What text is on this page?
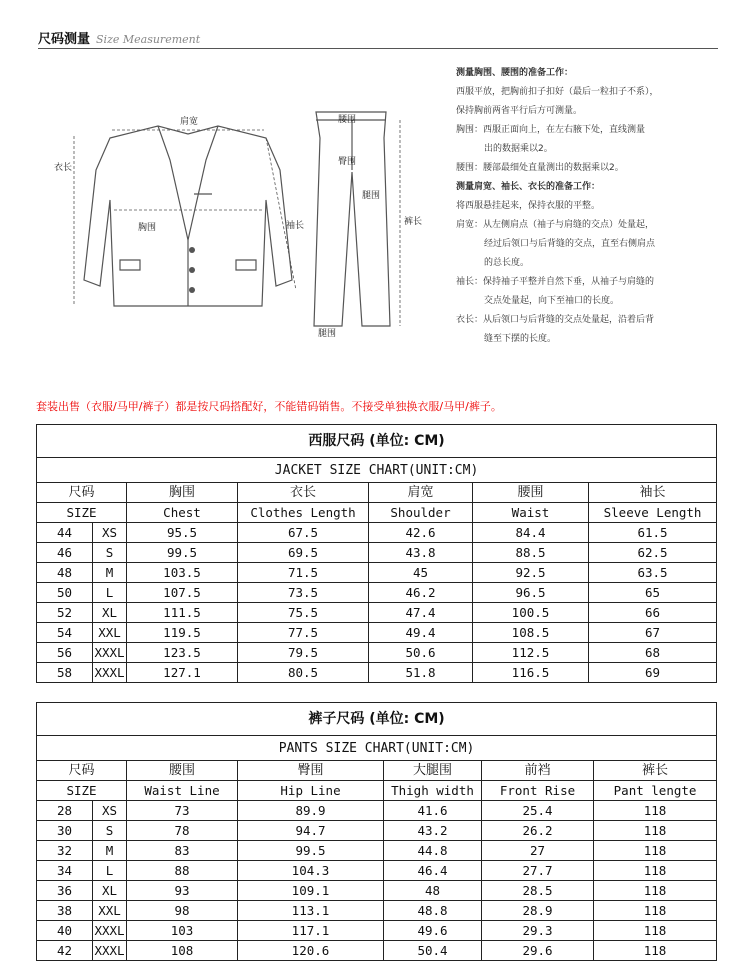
尺码测量 Size Measurement
肩宽
衣长
胸围	袖长
腰围
臀围
腿围
裤长
腿围
测量胸围、腰围的准备工作：
西服平放，把胸前扣子扣好（最后一粒扣子不系），
保持胸前两省平行后方可测量。
胸围：西服正面向上，在左右腋下处，直线测量
出的数据乘以2。
腰围：腰部最细处直量测出的数据乘以2。
测量肩宽、袖长、衣长的准备工作：
将西服悬挂起来，保持衣服的平整。
肩宽：从左侧肩点（袖子与肩缝的交点）处量起，
经过后领口与后背缝的交点，直至右侧肩点
的总长度。
袖长：保持袖子平整并自然下垂，从袖子与肩缝的
交点处量起，向下至袖口的长度。
衣长：从后领口与后背缝的交点处量起，沿着后背
缝至下摆的长度。
套装出售（衣服/马甲/裤子）都是按尺码搭配好，不能错码销售。不接受单独换衣服/马甲/裤子。
西服尺码 (单位: CM)						
JACKET SIZE CHART(UNIT:CM)						
尺码		胸围	衣长	肩宽	腰围	袖长
SIZE		Chest	Clothes Length	Shoulder	Waist	Sleeve Length
44	XS	95.5	67.5	42.6	84.4	61.5
46	S	99.5	69.5	43.8	88.5	62.5
48	M	103.5	71.5	45	92.5	63.5
50	L	107.5	73.5	46.2	96.5	65
52	XL	111.5	75.5	47.4	100.5	66
54	XXL	119.5	77.5	49.4	108.5	67
56	XXXL	123.5	79.5	50.6	112.5	68
58	XXXL	127.1	80.5	51.8	116.5	69
裤子尺码 (单位: CM)						
PANTS SIZE CHART(UNIT:CM)						
尺码		腰围	臀围	大腿围	前裆	裤长
SIZE		Waist Line	Hip Line	Thigh width	Front Rise	Pant lengte
28	XS	73	89.9	41.6	25.4	118
30	S	78	94.7	43.2	26.2	118
32	M	83	99.5	44.8	27	118
34	L	88	104.3	46.4	27.7	118
36	XL	93	109.1	48	28.5	118
38	XXL	98	113.1	48.8	28.9	118
40	XXXL	103	117.1	49.6	29.3	118
42	XXXL	108	120.6	50.4	29.6	118
